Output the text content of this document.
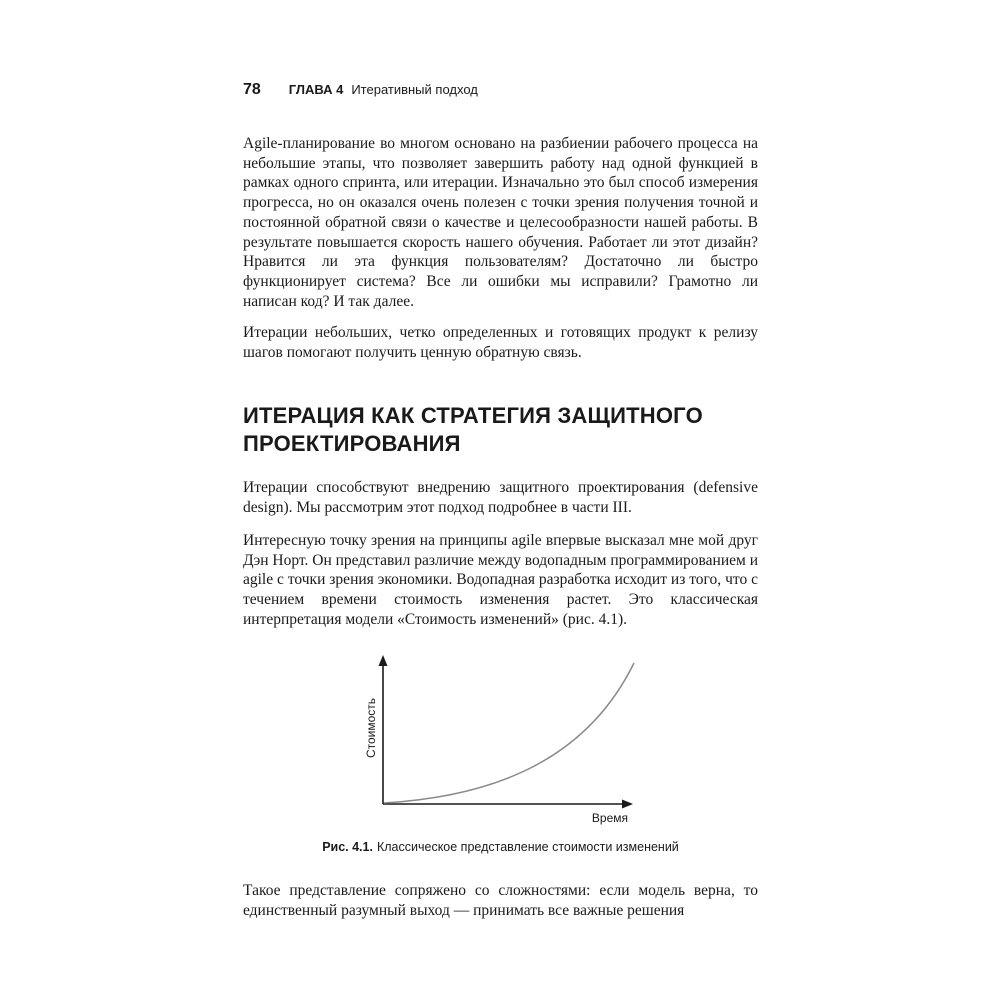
78 ГЛАВА 4 Итеративный подход

Agile-планирование во многом основано на разбиении рабочего процесса на небольшие этапы, что позволяет завершить работу над одной функцией в рамках одного спринта, или итерации. Изначально это был способ измерения прогресса, но он оказался очень полезен с точки зрения получения точной и постоянной обратной связи о качестве и целесообразности нашей работы. В результате повышается скорость нашего обучения. Работает ли этот дизайн? Нравится ли эта функция пользователям? Достаточно ли быстро функционирует система? Все ли ошибки мы исправили? Грамотно ли написан код? И так далее.

Итерации небольших, четко определенных и готовящих продукт к релизу шагов помогают получить ценную обратную связь.

ИТЕРАЦИЯ КАК СТРАТЕГИЯ ЗАЩИТНОГО ПРОЕКТИРОВАНИЯ

Итерации способствуют внедрению защитного проектирования (defensive design). Мы рассмотрим этот подход подробнее в части III.

Интересную точку зрения на принципы agile впервые высказал мне мой друг Дэн Норт. Он представил различие между водопадным программированием и agile с точки зрения экономики. Водопадная разработка исходит из того, что с течением времени стоимость изменения растет. Это классическая интерпретация модели «Стоимость изменений» (рис. 4.1).

Стоимость
Время

Рис. 4.1. Классическое представление стоимости изменений

Такое представление сопряжено со сложностями: если модель верна, то единственный разумный выход — принимать все важные решения
